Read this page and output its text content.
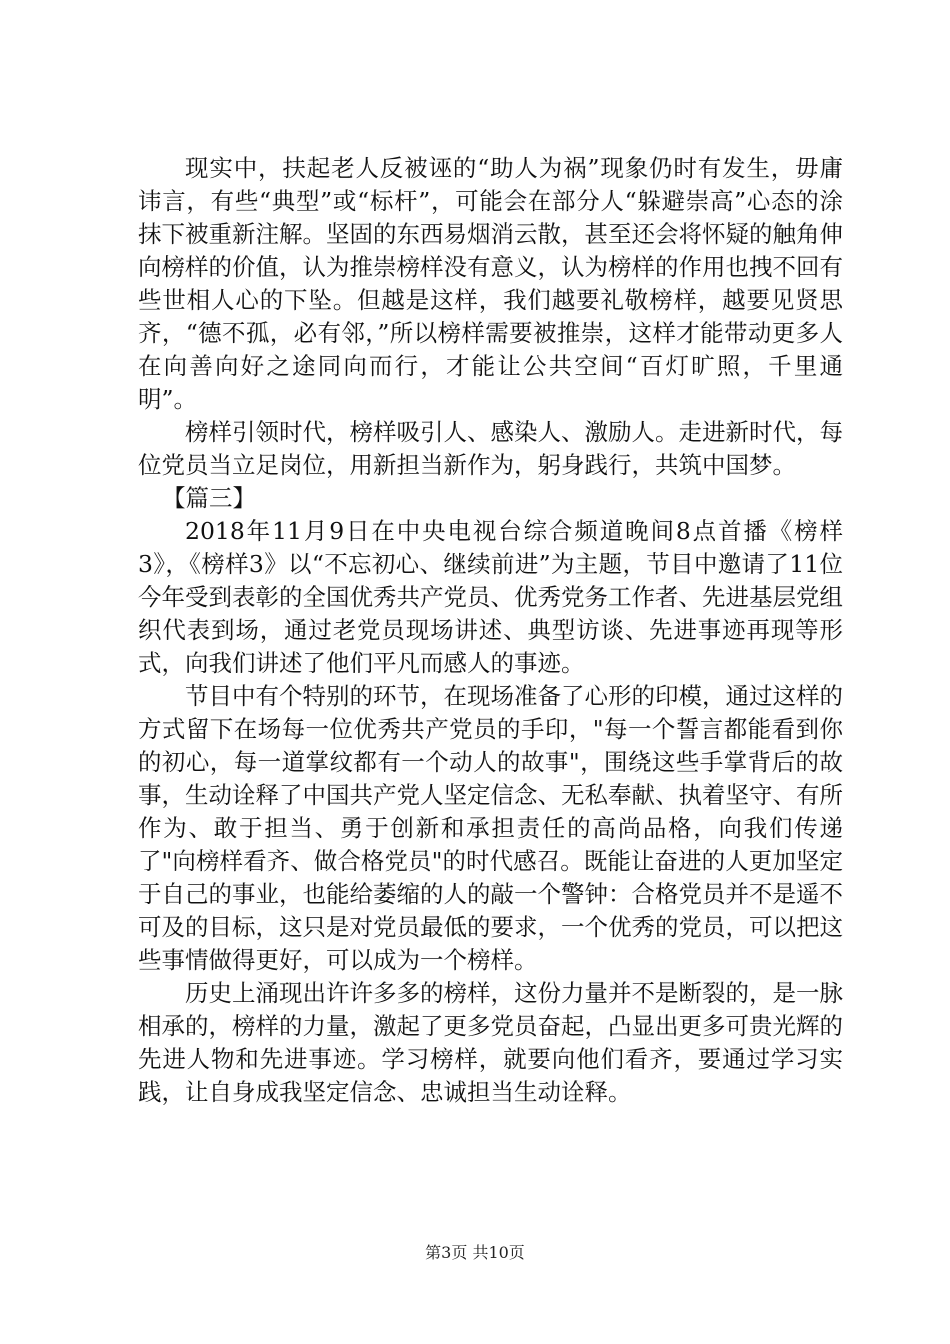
现实中，扶起老人反被诬的“助人为祸”现象仍时有发生，毋庸讳言，有些“典型”或“标杆”，可能会在部分人“躲避崇高”心态的涂抹下被重新注解。坚固的东西易烟消云散，甚至还会将怀疑的触角伸向榜样的价值，认为推崇榜样没有意义，认为榜样的作用也拽不回有些世相人心的下坠。但越是这样，我们越要礼敬榜样，越要见贤思齐，“德不孤，必有邻，”所以榜样需要被推崇，这样才能带动更多人在向善向好之途同向而行，才能让公共空间“百灯旷照，千里通明”。

榜样引领时代，榜样吸引人、感染人、激励人。走进新时代，每位党员当立足岗位，用新担当新作为，躬身践行，共筑中国梦。

【篇三】

2018年11月9日在中央电视台综合频道晚间8点首播《榜样3》，《榜样3》以“不忘初心、继续前进”为主题，节目中邀请了11位今年受到表彰的全国优秀共产党员、优秀党务工作者、先进基层党组织代表到场，通过老党员现场讲述、典型访谈、先进事迹再现等形式，向我们讲述了他们平凡而感人的事迹。

节目中有个特别的环节，在现场准备了心形的印模，通过这样的方式留下在场每一位优秀共产党员的手印，"每一个誓言都能看到你的初心，每一道掌纹都有一个动人的故事"，围绕这些手掌背后的故事，生动诠释了中国共产党人坚定信念、无私奉献、执着坚守、有所作为、敢于担当、勇于创新和承担责任的高尚品格，向我们传递了"向榜样看齐、做合格党员"的时代感召。既能让奋进的人更加坚定于自己的事业，也能给萎缩的人的敲一个警钟：合格党员并不是遥不可及的目标，这只是对党员最低的要求，一个优秀的党员，可以把这些事情做得更好，可以成为一个榜样。

历史上涌现出许许多多的榜样，这份力量并不是断裂的，是一脉相承的，榜样的力量，激起了更多党员奋起，凸显出更多可贵光辉的先进人物和先进事迹。学习榜样，就要向他们看齐，要通过学习实践，让自身成我坚定信念、忠诚担当生动诠释。

第3页 共10页
